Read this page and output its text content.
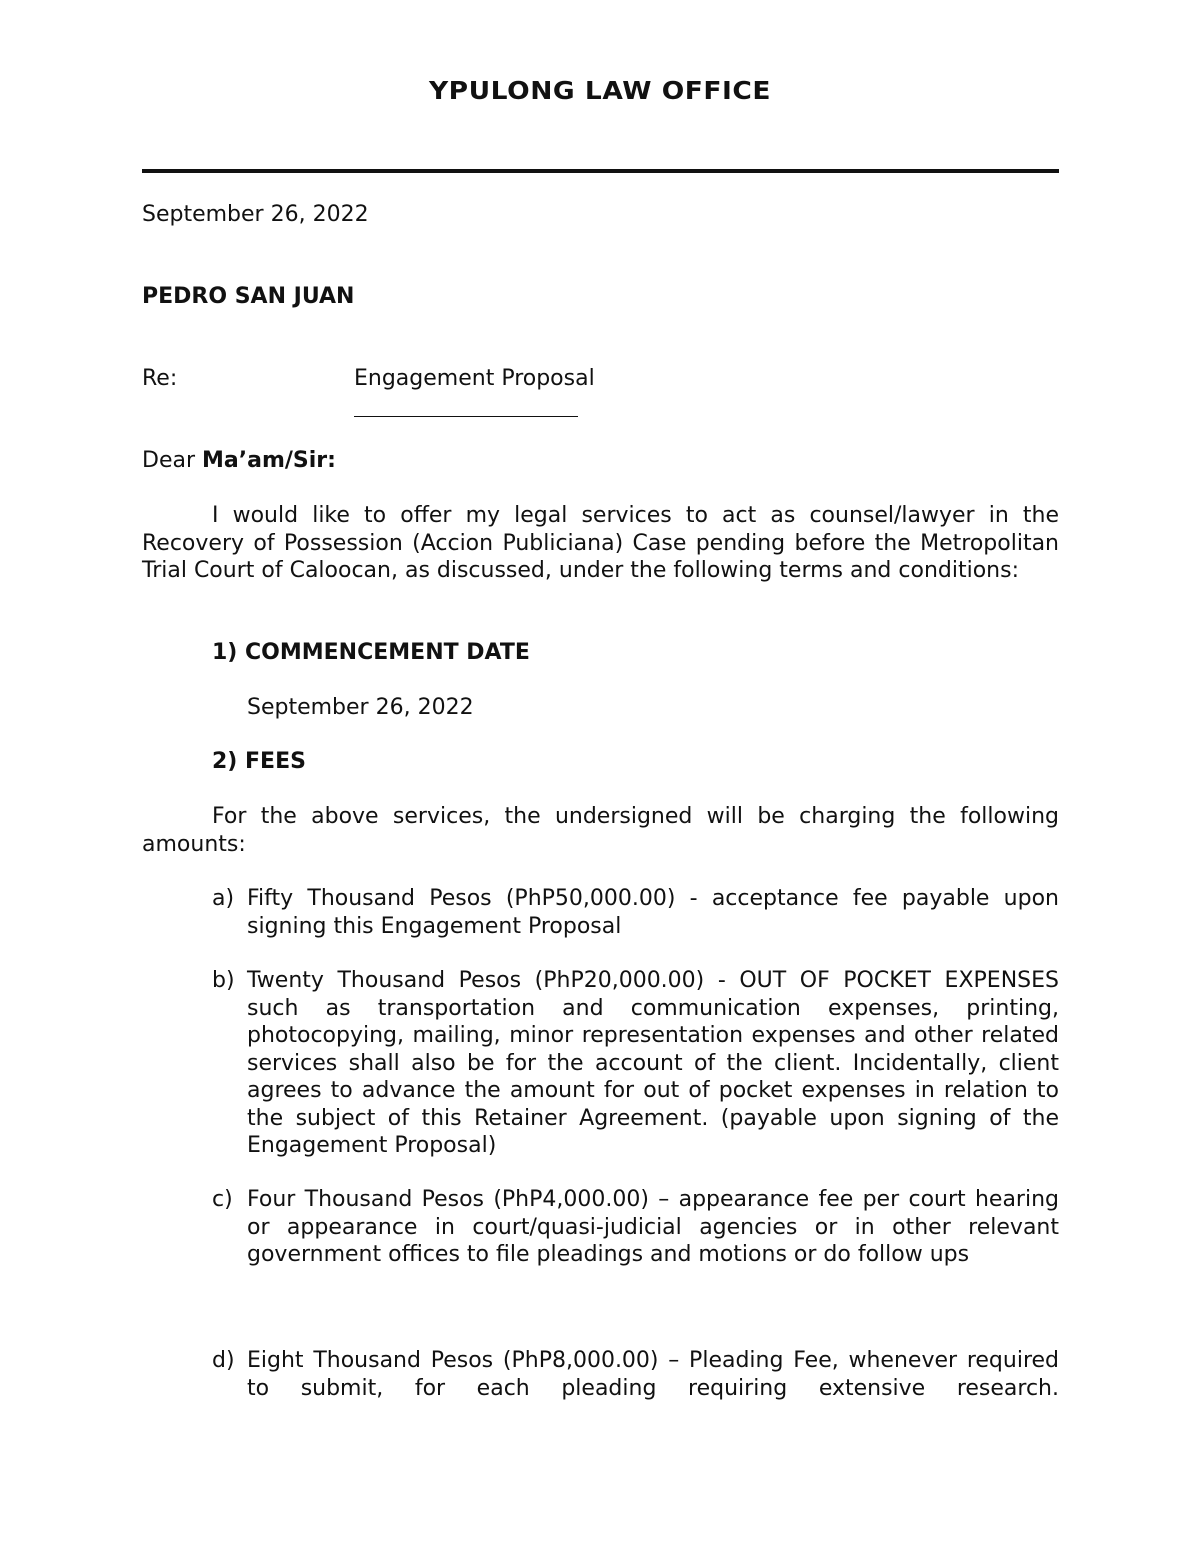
YPULONG LAW OFFICE
September 26, 2022
PEDRO SAN JUAN
Re:	Engagement Proposal
Dear Ma’am/Sir:
I would like to offer my legal services to act as counsel/lawyer in the Recovery of Possession (Accion Publiciana) Case pending before the Metropolitan Trial Court of Caloocan, as discussed, under the following terms and conditions:
1) COMMENCEMENT DATE
September 26, 2022
2) FEES
For the above services, the undersigned will be charging the following amounts:
a) Fifty Thousand Pesos (PhP50,000.00) - acceptance fee payable upon signing this Engagement Proposal
b) Twenty Thousand Pesos (PhP20,000.00) - OUT OF POCKET EXPENSES such as transportation and communication expenses, printing, photocopying, mailing, minor representation expenses and other related services shall also be for the account of the client. Incidentally, client agrees to advance the amount for out of pocket expenses in relation to the subject of this Retainer Agreement. (payable upon signing of the Engagement Proposal)
c) Four Thousand Pesos (PhP4,000.00) – appearance fee per court hearing or appearance in court/quasi-judicial agencies or in other relevant government offices to file pleadings and motions or do follow ups
d) Eight Thousand Pesos (PhP8,000.00) – Pleading Fee, whenever required to submit, for each pleading requiring extensive research.
